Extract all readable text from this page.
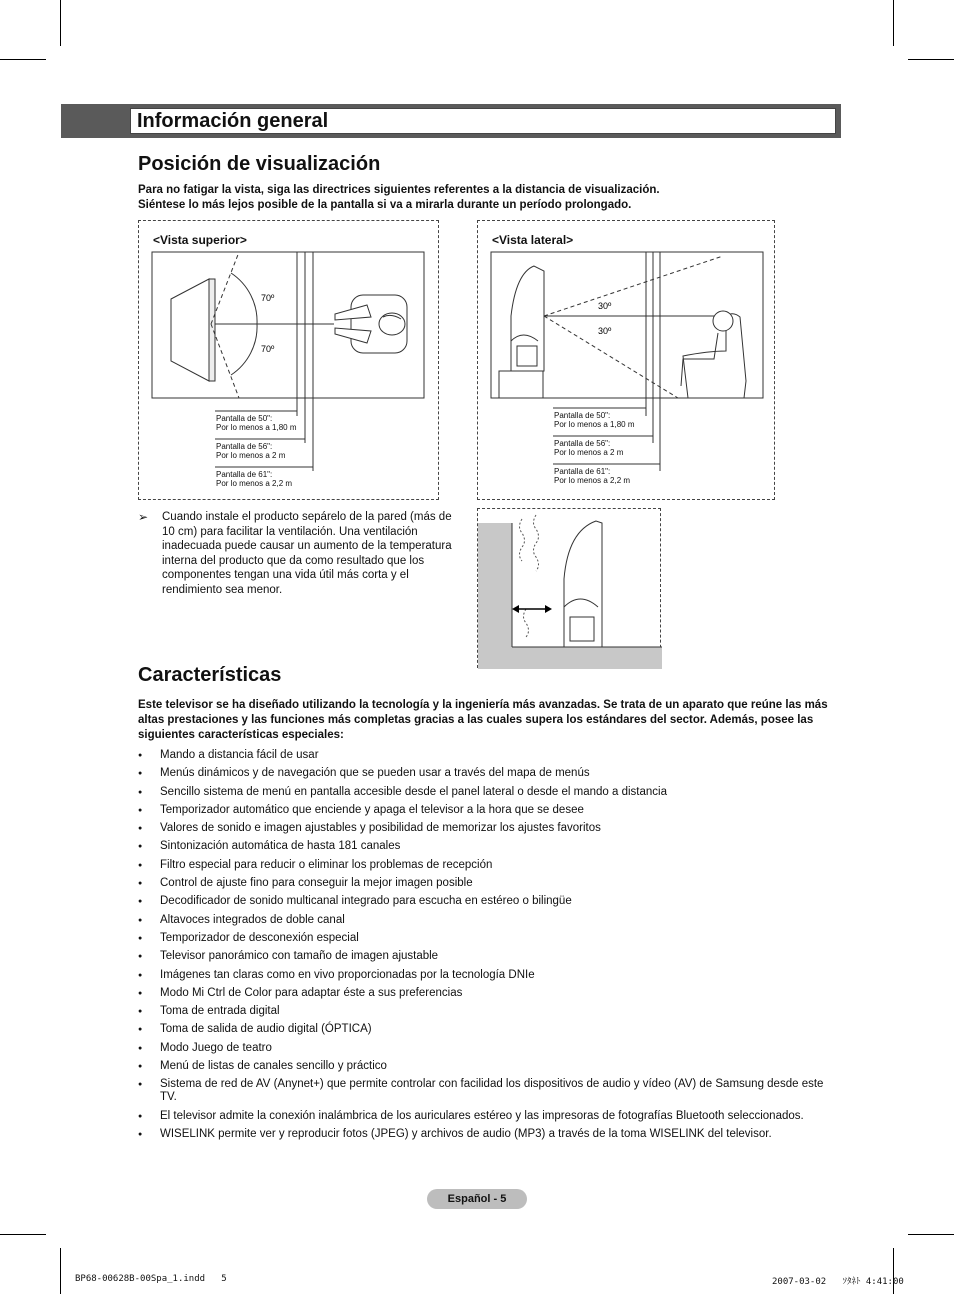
Información general
Posición de visualización
Para no fatigar la vista, siga las directrices siguientes referentes a la distancia de visualización.
Siéntese lo más lejos posible de la pantalla si va a mirarla durante un período prolongado.
<Vista superior>
70º
70º
Pantalla de 50":
Por lo menos a 1,80 m
Pantalla de 56":
Por lo menos a 2 m
Pantalla de 61":
Por lo menos a 2,2 m
<Vista lateral>
30º
30º
Pantalla de 50":
Por lo menos a 1,80 m
Pantalla de 56":
Por lo menos a 2 m
Pantalla de 61":
Por lo menos a 2,2 m
➢ Cuando instale el producto sepárelo de la pared (más de 10 cm) para facilitar la ventilación. Una ventilación inadecuada puede causar un aumento de la temperatura interna del producto que da como resultado que los componentes tengan una vida útil más corta y el rendimiento sea menor.
Características
Este televisor se ha diseñado utilizando la tecnología y la ingeniería más avanzadas. Se trata de un aparato que reúne las más altas prestaciones y las funciones más completas gracias a las cuales supera los estándares del sector. Además, posee las siguientes características especiales:
● Mando a distancia fácil de usar
● Menús dinámicos y de navegación que se pueden usar a través del mapa de menús
● Sencillo sistema de menú en pantalla accesible desde el panel lateral o desde el mando a distancia
● Temporizador automático que enciende y apaga el televisor a la hora que se desee
● Valores de sonido e imagen ajustables y posibilidad de memorizar los ajustes favoritos
● Sintonización automática de hasta 181 canales
● Filtro especial para reducir o eliminar los problemas de recepción
● Control de ajuste fino para conseguir la mejor imagen posible
● Decodificador de sonido multicanal integrado para escucha en estéreo o bilingüe
● Altavoces integrados de doble canal
● Temporizador de desconexión especial
● Televisor panorámico con tamaño de imagen ajustable
● Imágenes tan claras como en vivo proporcionadas por la tecnología DNIe
● Modo Mi Ctrl de Color para adaptar éste a sus preferencias
● Toma de entrada digital
● Toma de salida de audio digital (ÓPTICA)
● Modo Juego de teatro
● Menú de listas de canales sencillo y práctico
● Sistema de red de AV (Anynet+) que permite controlar con facilidad los dispositivos de audio y vídeo (AV) de Samsung desde este TV.
● El televisor admite la conexión inalámbrica de los auriculares estéreo y las impresoras de fotografías Bluetooth seleccionados.
● WISELINK permite ver y reproducir fotos (JPEG) y archivos de audio (MP3) a través de la toma WISELINK del televisor.
Español - 5
BP68-00628B-00Spa_1.indd   5	2007-03-02   ｿﾀﾈﾄ 4:41:00
